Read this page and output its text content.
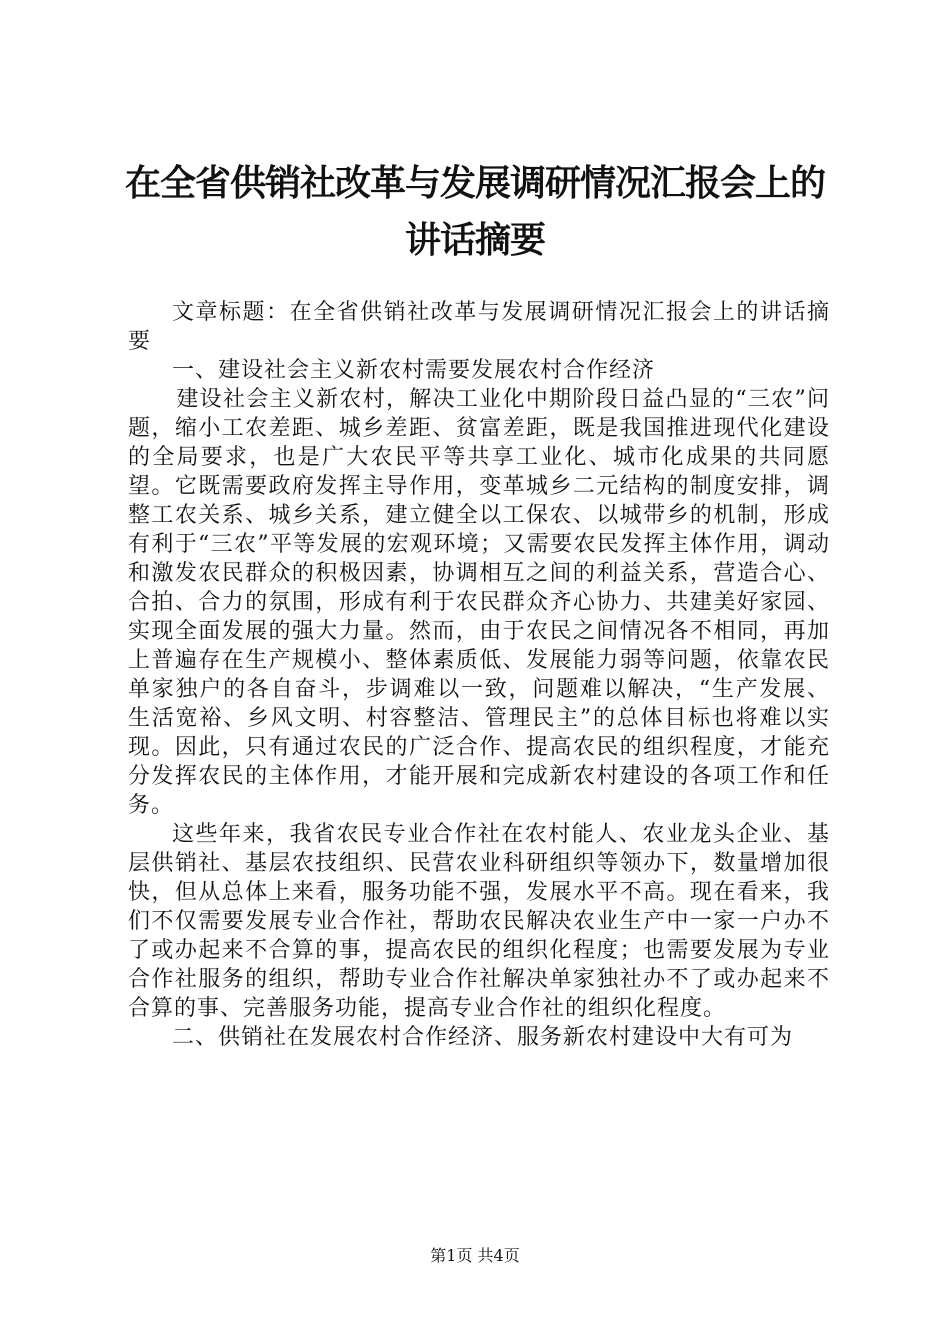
在全省供销社改革与发展调研情况汇报会上的
讲话摘要

文章标题：在全省供销社改革与发展调研情况汇报会上的讲话摘要

一、建设社会主义新农村需要发展农村合作经济

建设社会主义新农村，解决工业化中期阶段日益凸显的“三农”问题，缩小工农差距、城乡差距、贫富差距，既是我国推进现代化建设的全局要求，也是广大农民平等共享工业化、城市化成果的共同愿望。它既需要政府发挥主导作用，变革城乡二元结构的制度安排，调整工农关系、城乡关系，建立健全以工保农、以城带乡的机制，形成有利于“三农”平等发展的宏观环境；又需要农民发挥主体作用，调动和激发农民群众的积极因素，协调相互之间的利益关系，营造合心、合拍、合力的氛围，形成有利于农民群众齐心协力、共建美好家园、实现全面发展的强大力量。然而，由于农民之间情况各不相同，再加上普遍存在生产规模小、整体素质低、发展能力弱等问题，依靠农民单家独户的各自奋斗，步调难以一致，问题难以解决，“生产发展、生活宽裕、乡风文明、村容整洁、管理民主”的总体目标也将难以实现。因此，只有通过农民的广泛合作、提高农民的组织程度，才能充分发挥农民的主体作用，才能开展和完成新农村建设的各项工作和任务。

这些年来，我省农民专业合作社在农村能人、农业龙头企业、基层供销社、基层农技组织、民营农业科研组织等领办下，数量增加很快，但从总体上来看，服务功能不强，发展水平不高。现在看来，我们不仅需要发展专业合作社，帮助农民解决农业生产中一家一户办不了或办起来不合算的事，提高农民的组织化程度；也需要发展为专业合作社服务的组织，帮助专业合作社解决单家独社办不了或办起来不合算的事、完善服务功能，提高专业合作社的组织化程度。

二、供销社在发展农村合作经济、服务新农村建设中大有可为

第1页 共4页
